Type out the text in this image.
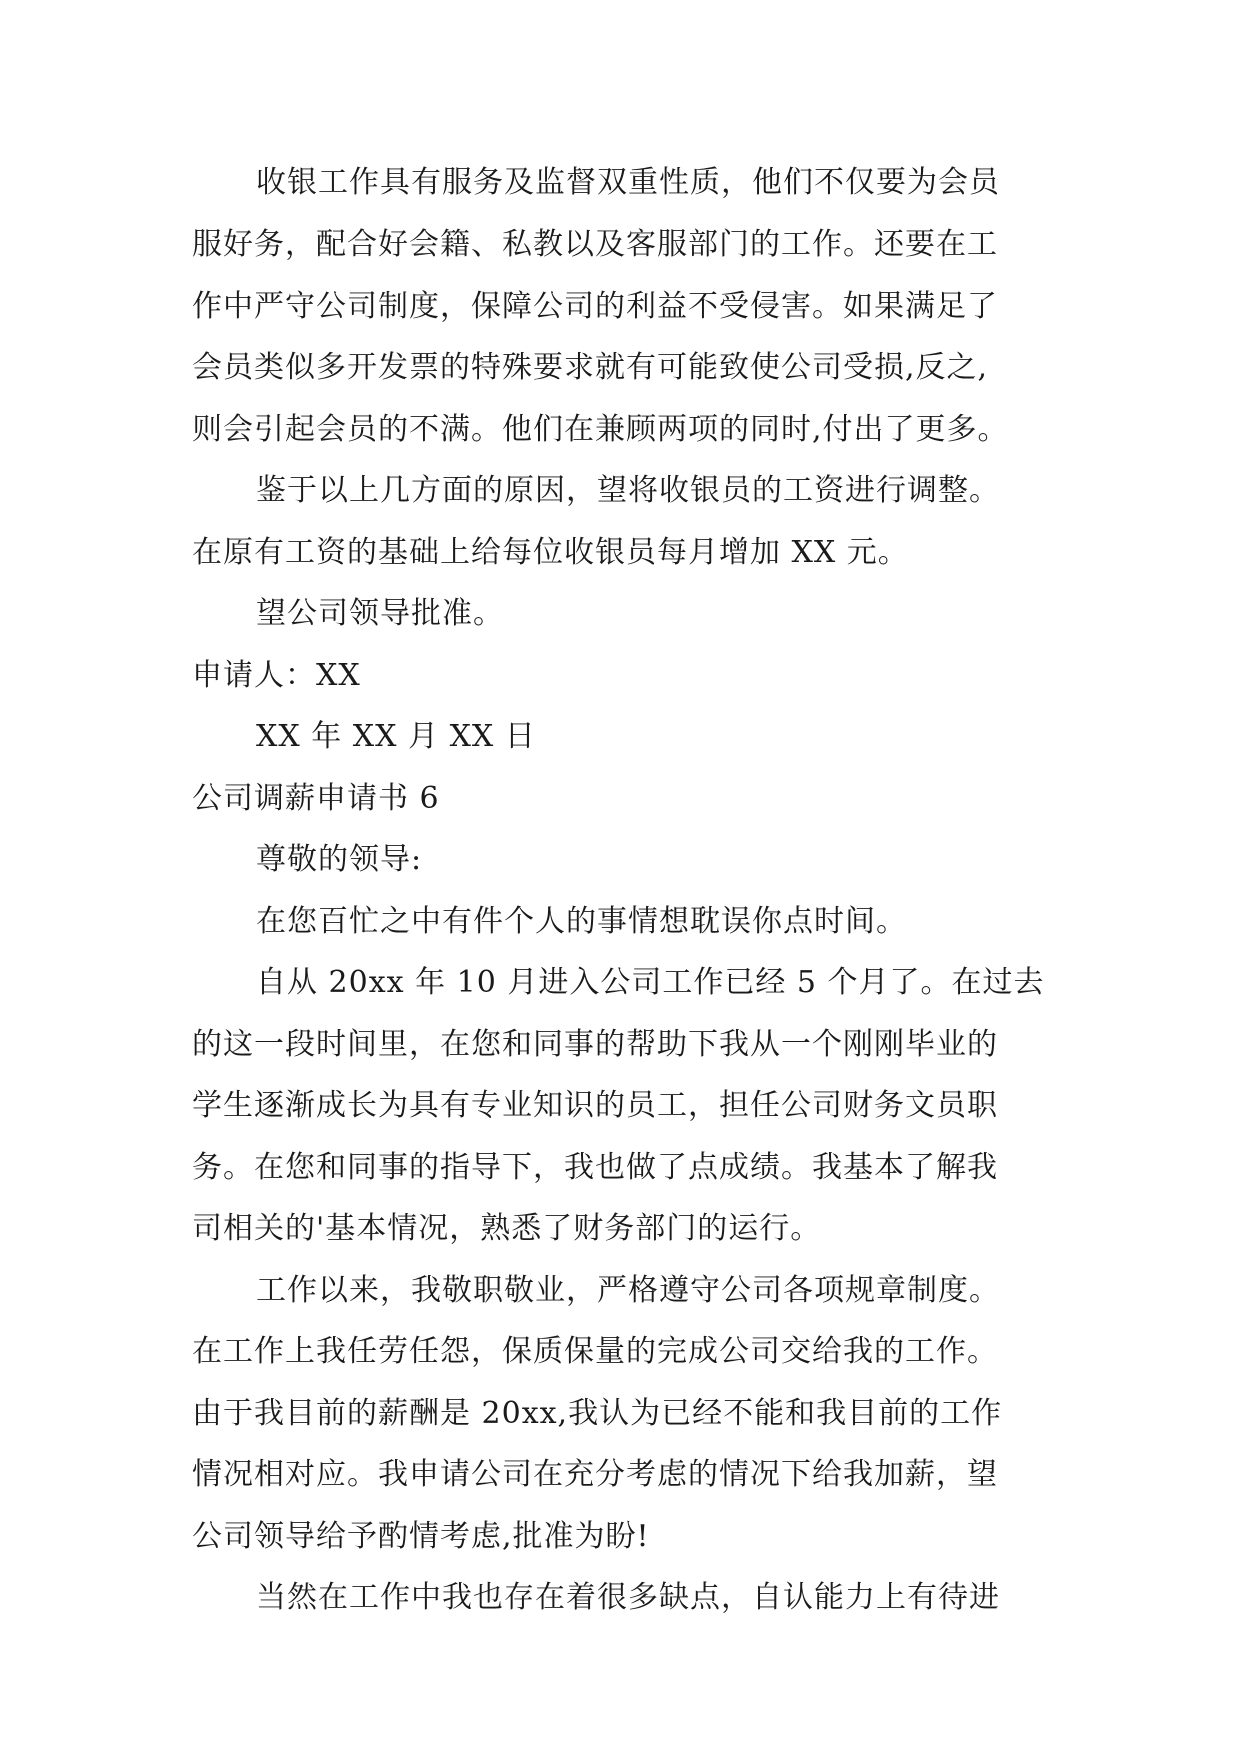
收银工作具有服务及监督双重性质，他们不仅要为会员
服好务，配合好会籍、私教以及客服部门的工作。还要在工
作中严守公司制度，保障公司的利益不受侵害。如果满足了
会员类似多开发票的特殊要求就有可能致使公司受损,反之,
则会引起会员的不满。他们在兼顾两项的同时,付出了更多。
鉴于以上几方面的原因，望将收银员的工资进行调整。
在原有工资的基础上给每位收银员每月增加 XX 元。
望公司领导批准。
申请人：XX
XX 年 XX 月 XX 日
公司调薪申请书 6
尊敬的领导:
在您百忙之中有件个人的事情想耽误你点时间。
自从 20xx 年 10 月进入公司工作已经 5 个月了。在过去
的这一段时间里，在您和同事的帮助下我从一个刚刚毕业的
学生逐渐成长为具有专业知识的员工，担任公司财务文员职
务。在您和同事的指导下，我也做了点成绩。我基本了解我
司相关的'基本情况，熟悉了财务部门的运行。
工作以来，我敬职敬业，严格遵守公司各项规章制度。
在工作上我任劳任怨，保质保量的完成公司交给我的工作。
由于我目前的薪酬是 20xx,我认为已经不能和我目前的工作
情况相对应。我申请公司在充分考虑的情况下给我加薪，望
公司领导给予酌情考虑,批准为盼!
当然在工作中我也存在着很多缺点，自认能力上有待进
